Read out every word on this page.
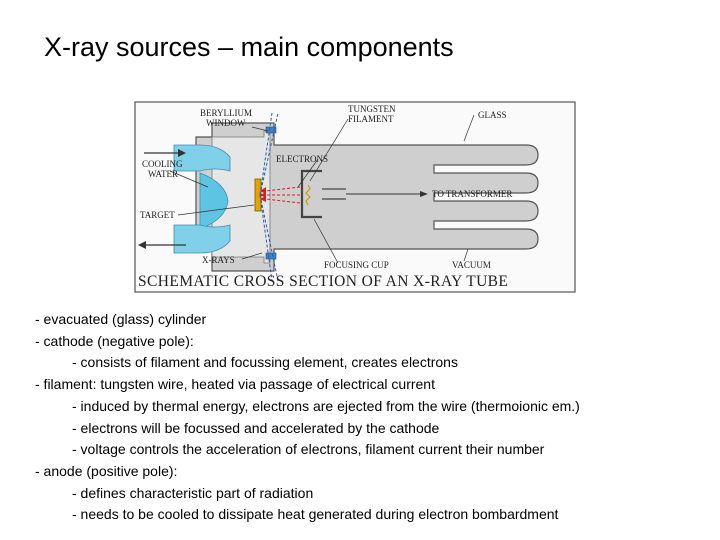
X-ray sources – main components
BERYLLIUM
WINDOW
TUNGSTEN
FILAMENT	GLASS
COOLING
WATER
ELECTRONS
TO TRANSFORMER
TARGET
X-RAYS	FOCUSING CUP	VACUUM
SCHEMATIC CROSS SECTION OF AN X-RAY TUBE
- evacuated (glass) cylinder
- cathode (negative pole):
- consists of filament and focussing element, creates electrons
- filament: tungsten wire, heated via passage of electrical current
- induced by thermal energy, electrons are ejected from the wire (thermoionic em.)
- electrons will be focussed and accelerated by the cathode
- voltage controls the acceleration of electrons, filament current their number
- anode (positive pole):
- defines characteristic part of radiation
- needs to be cooled to dissipate heat generated during electron bombardment
